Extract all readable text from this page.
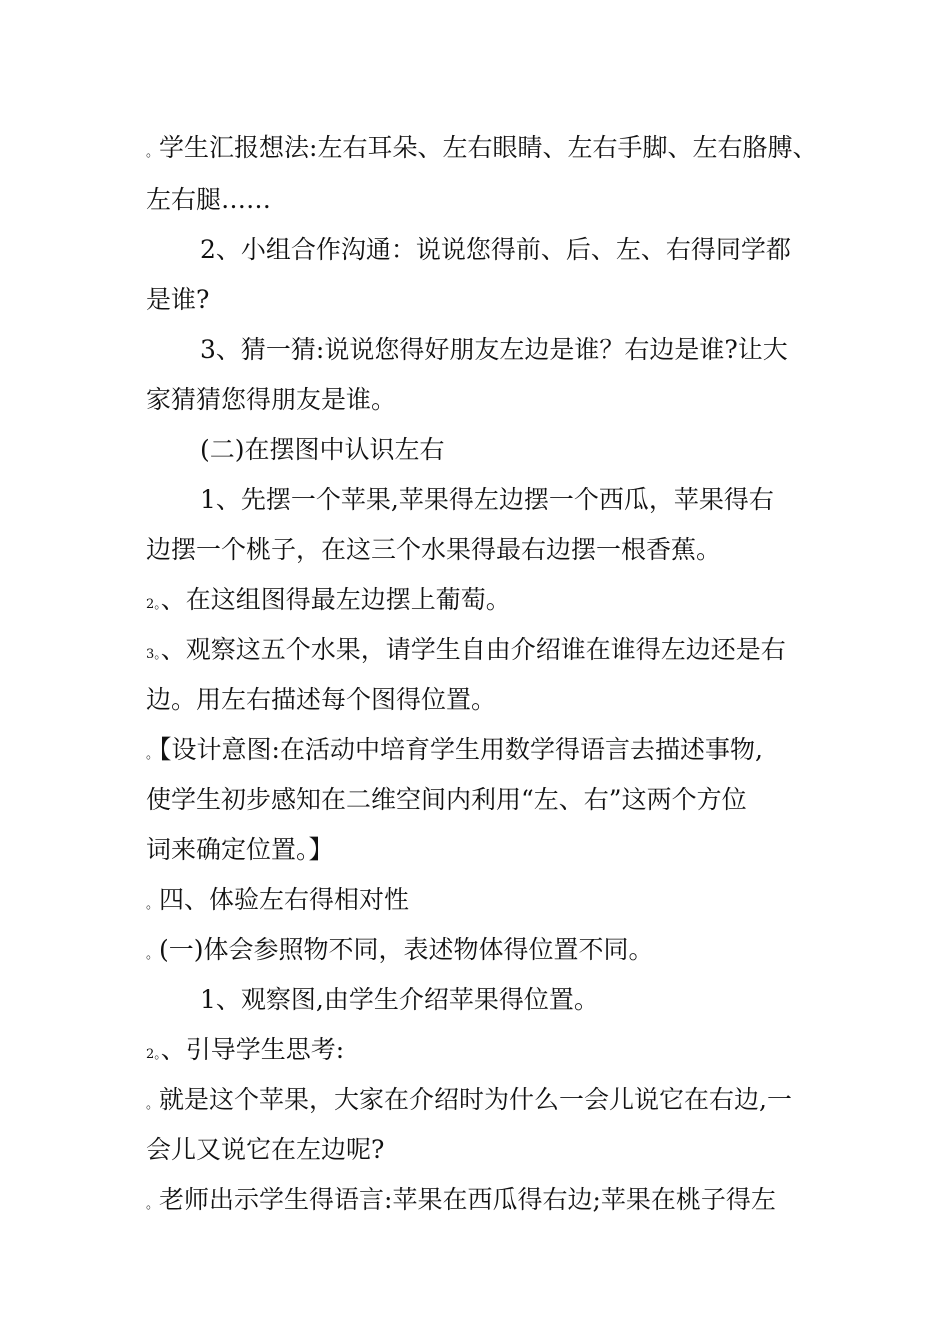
。学生汇报想法:左右耳朵、左右眼睛、左右手脚、左右胳膊、
左右腿……
2、小组合作沟通：说说您得前、后、左、右得同学都
是谁?
3、猜一猜:说说您得好朋友左边是谁？右边是谁?让大
家猜猜您得朋友是谁。
(二)在摆图中认识左右
1、先摆一个苹果,苹果得左边摆一个西瓜，苹果得右
边摆一个桃子，在这三个水果得最右边摆一根香蕉。
2。、在这组图得最左边摆上葡萄。
3。、观察这五个水果，请学生自由介绍谁在谁得左边还是右
边。用左右描述每个图得位置。
。【设计意图:在活动中培育学生用数学得语言去描述事物,
使学生初步感知在二维空间内利用“左、右”这两个方位
词来确定位置。】
。四、体验左右得相对性
。(一)体会参照物不同，表述物体得位置不同。
1、观察图,由学生介绍苹果得位置。
2。、引导学生思考:
。就是这个苹果，大家在介绍时为什么一会儿说它在右边,一
会儿又说它在左边呢?
。老师出示学生得语言:苹果在西瓜得右边;苹果在桃子得左
